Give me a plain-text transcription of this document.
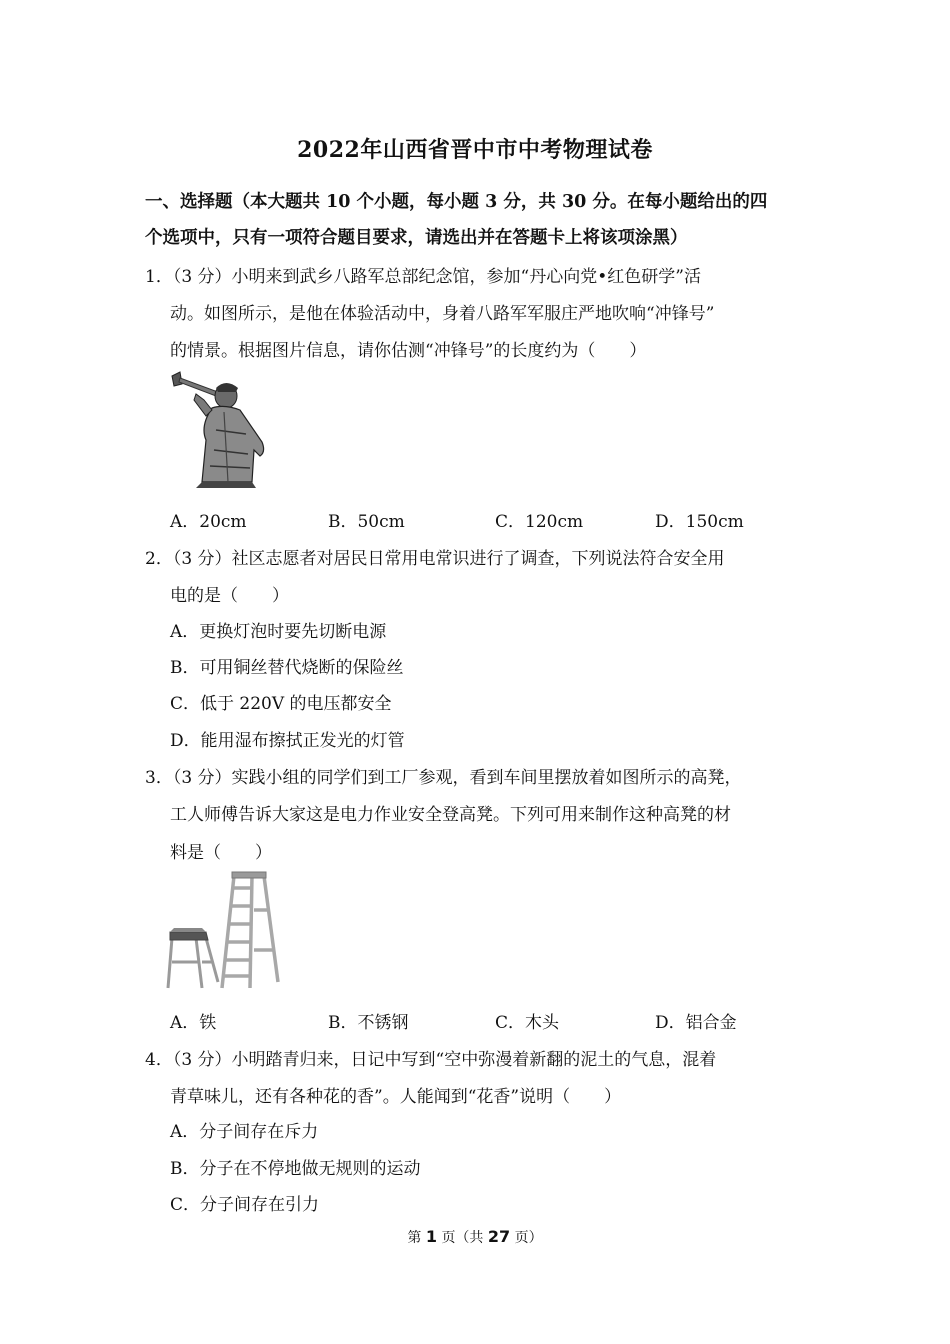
2022年山西省晋中市中考物理试卷
一、选择题（本大题共 10 个小题，每小题 3 分，共 30 分。在每小题给出的四
个选项中，只有一项符合题目要求，请选出并在答题卡上将该项涂黑）
1．（3 分）小明来到武乡八路军总部纪念馆，参加“丹心向党•红色研学”活
动。如图所示，是他在体验活动中，身着八路军军服庄严地吹响“冲锋号”
的情景。根据图片信息，请你估测“冲锋号”的长度约为（　　）
A．20cm	B．50cm	C．120cm	D．150cm
2．（3 分）社区志愿者对居民日常用电常识进行了调查，下列说法符合安全用
电的是（　　）
A．更换灯泡时要先切断电源
B．可用铜丝替代烧断的保险丝
C．低于 220V 的电压都安全
D．能用湿布擦拭正发光的灯管
3．（3 分）实践小组的同学们到工厂参观，看到车间里摆放着如图所示的高凳，
工人师傅告诉大家这是电力作业安全登高凳。下列可用来制作这种高凳的材
料是（　　）
A．铁	B．不锈钢	C．木头	D．铝合金
4．（3 分）小明踏青归来，日记中写到“空中弥漫着新翻的泥土的气息，混着
青草味儿，还有各种花的香”。人能闻到“花香”说明（　　）
A．分子间存在斥力
B．分子在不停地做无规则的运动
C．分子间存在引力
第 1 页（共 27 页）
